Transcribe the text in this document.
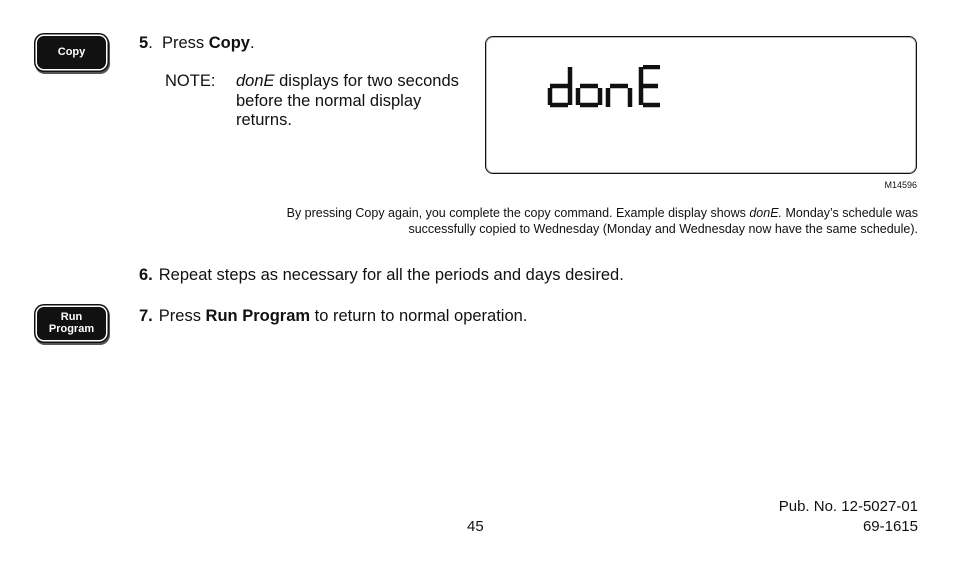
Copy	5.  Press Copy.
NOTE: donE displays for two seconds before the normal display returns.
M14596
By pressing Copy again, you complete the copy command. Example display shows donE. Monday’s schedule was successfully copied to Wednesday (Monday and Wednesday now have the same schedule).
6. Repeat steps as necessary for all the periods and days desired.
Run
Program
7. Press Run Program to return to normal operation.
45
Pub. No. 12-5027-01
69-1615
